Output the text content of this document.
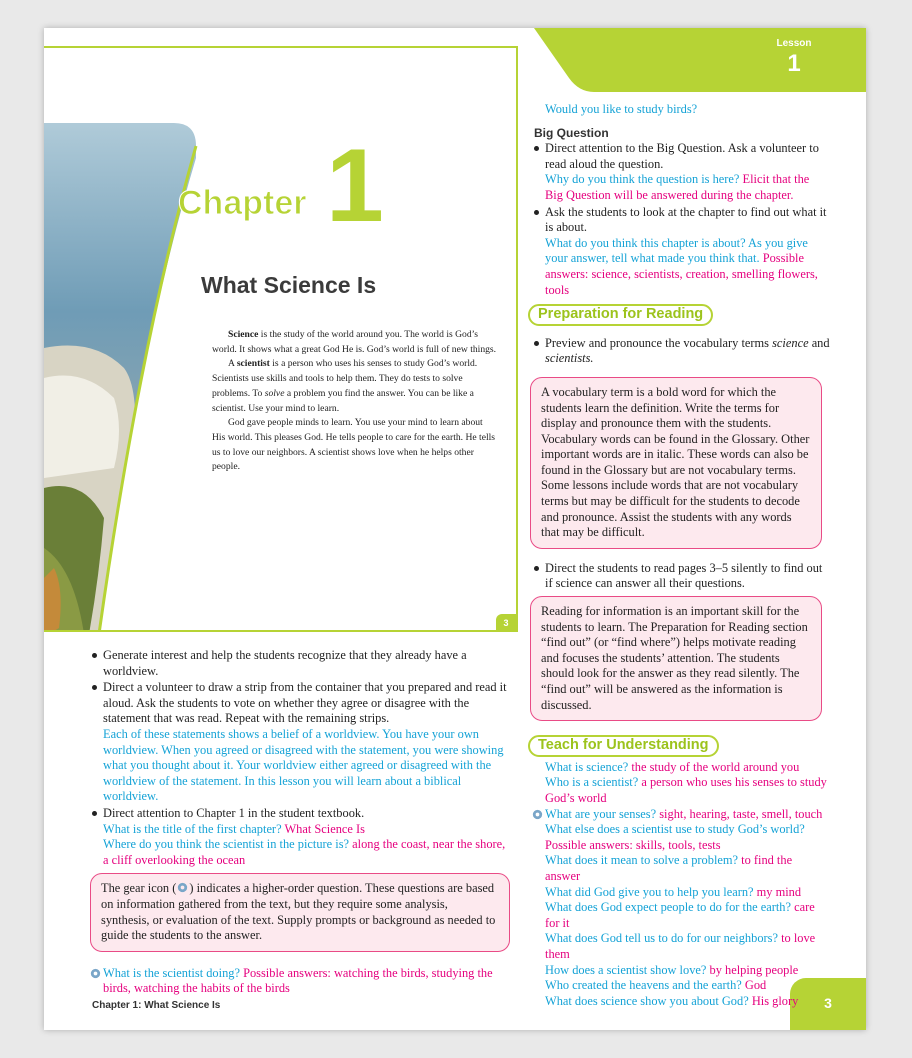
Lesson
1
Chapter 1
What Science Is
Science is the study of the world around you. The world is God’s world. It shows what a great God He is. God’s world is full of new things.
A scientist is a person who uses his senses to study God’s world. Scientists use skills and tools to help them. They do tests to solve problems. To solve a problem you find the answer. You can be like a scientist. Use your mind to learn.
God gave people minds to learn. You use your mind to learn about His world. This pleases God. He tells people to care for the earth. He tells us to love our neighbors. A scientist shows love when he helps other people.
3
Generate interest and help the students recognize that they already have a worldview.
Direct a volunteer to draw a strip from the container that you prepared and read it aloud. Ask the students to vote on whether they agree or disagree with the statement that was read. Repeat with the remaining strips.
Each of these statements shows a belief of a worldview. You have your own worldview. When you agreed or disagreed with the statement, you were showing what you thought about it. Your worldview either agreed or disagreed with the worldview of the statement. In this lesson you will learn about a biblical worldview.
Direct attention to Chapter 1 in the student textbook.
What is the title of the first chapter? What Science Is
Where do you think the scientist in the picture is? along the coast, near the shore, a cliff overlooking the ocean
The gear icon ( ) indicates a higher-order question. These questions are based on information gathered from the text, but they require some analysis, synthesis, or evaluation of the text. Supply prompts or background as needed to guide the students to the answer.
What is the scientist doing? Possible answers: watching the birds, studying the birds, watching the habits of the birds
Chapter 1: What Science Is	3
Would you like to study birds?
Big Question
Direct attention to the Big Question. Ask a volunteer to read aloud the question.
Why do you think the question is here? Elicit that the Big Question will be answered during the chapter.
Ask the students to look at the chapter to find out what it is about.
What do you think this chapter is about? As you give your answer, tell what made you think that. Possible answers: science, scientists, creation, smelling flowers, tools
Preparation for Reading
Preview and pronounce the vocabulary terms science and scientists.
A vocabulary term is a bold word for which the students learn the definition. Write the terms for display and pronounce them with the students. Vocabulary words can be found in the Glossary. Other important words are in italic. These words can also be found in the Glossary but are not vocabulary terms. Some lessons include words that are not vocabulary terms but may be difficult for the students to decode and pronounce. Assist the students with any words that may be difficult.
Direct the students to read pages 3–5 silently to find out if science can answer all their questions.
Reading for information is an important skill for the students to learn. The Preparation for Reading section “find out” (or “find where”) helps motivate reading and focuses the students’ attention. The students should look for the answer as they read silently. The “find out” will be answered as the information is discussed.
Teach for Understanding
What is science? the study of the world around you
Who is a scientist? a person who uses his senses to study God’s world
What are your senses? sight, hearing, taste, smell, touch
What else does a scientist use to study God’s world? Possible answers: skills, tools, tests
What does it mean to solve a problem? to find the answer
What did God give you to help you learn? my mind
What does God expect people to do for the earth? care for it
What does God tell us to do for our neighbors? to love them
How does a scientist show love? by helping people
Who created the heavens and the earth? God
What does science show you about God? His glory
